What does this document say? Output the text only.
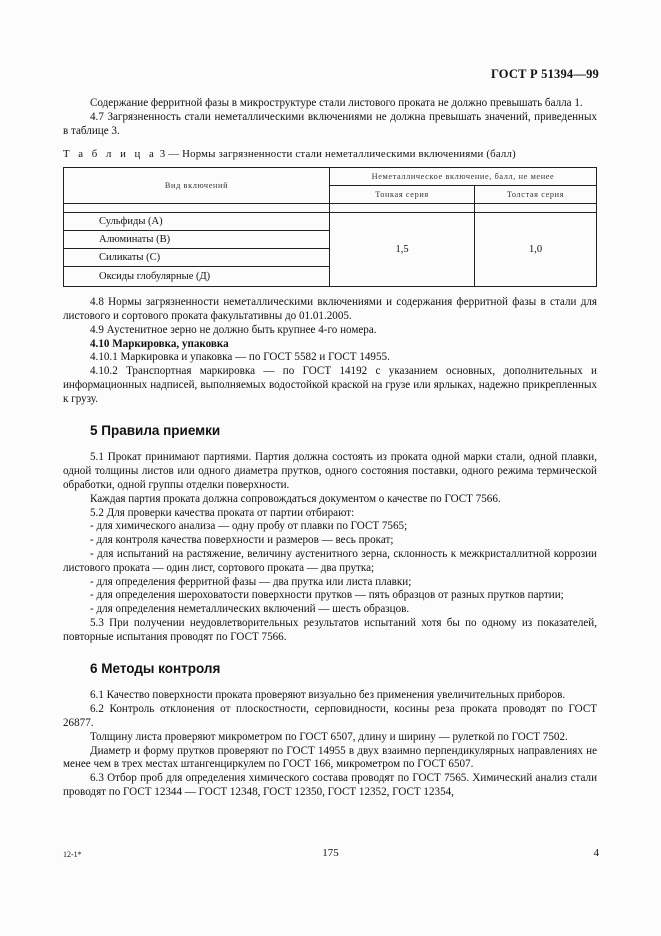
ГОСТ Р 51394—99

Содержание ферритной фазы в микроструктуре стали листового проката не должно превышать балла 1.

4.7 Загрязненность стали неметаллическими включениями не должна превышать значений, приведенных в таблице 3.

Т а б л и ц а 3 — Нормы загрязненности стали неметаллическими включениями (балл)
Вид включений	Неметаллическое включение, балл, не менее	
	Тонкая серия	Толстая серия

Сульфиды (А)	1,5	1,0
Алюминаты (В)		
Силикаты (С)		
Оксиды глобулярные (Д)		

4.8 Нормы загрязненности неметаллическими включениями и содержания ферритной фазы в стали для листового и сортового проката факультативны до 01.01.2005.

4.9 Аустенитное зерно не должно быть крупнее 4-го номера.

4.10 Маркировка, упаковка

4.10.1 Маркировка и упаковка — по ГОСТ 5582 и ГОСТ 14955.

4.10.2 Транспортная маркировка — по ГОСТ 14192 с указанием основных, дополнительных и информационных надписей, выполняемых водостойкой краской на грузе или ярлыках, надежно прикрепленных к грузу.

5 Правила приемки

5.1 Прокат принимают партиями. Партия должна состоять из проката одной марки стали, одной плавки, одной толщины листов или одного диаметра прутков, одного состояния поставки, одного режима термической обработки, одной группы отделки поверхности.

Каждая партия проката должна сопровождаться документом о качестве по ГОСТ 7566.

5.2 Для проверки качества проката от партии отбирают:

- для химического анализа — одну пробу от плавки по ГОСТ 7565;

- для контроля качества поверхности и размеров — весь прокат;

- для испытаний на растяжение, величину аустенитного зерна, склонность к межкристаллитной коррозии листового проката — один лист, сортового проката — два прутка;

- для определения ферритной фазы — два прутка или листа плавки;

- для определения шероховатости поверхности прутков — пять образцов от разных прутков партии;

- для определения неметаллических включений — шесть образцов.

5.3 При получении неудовлетворительных результатов испытаний хотя бы по одному из показателей, повторные испытания проводят по ГОСТ 7566.

6 Методы контроля

6.1 Качество поверхности проката проверяют визуально без применения увеличительных приборов.

6.2 Контроль отклонения от плоскостности, серповидности, косины реза проката проводят по ГОСТ 26877.

Толщину листа проверяют микрометром по ГОСТ 6507, длину и ширину — рулеткой по ГОСТ 7502.

Диаметр и форму прутков проверяют по ГОСТ 14955 в двух взаимно перпендикулярных направлениях не менее чем в трех местах штангенциркулем по ГОСТ 166, микрометром по ГОСТ 6507.

6.3 Отбор проб для определения химического состава проводят по ГОСТ 7565. Химический анализ стали проводят по ГОСТ 12344 — ГОСТ 12348, ГОСТ 12350, ГОСТ 12352, ГОСТ 12354,

12-1*	175	4
